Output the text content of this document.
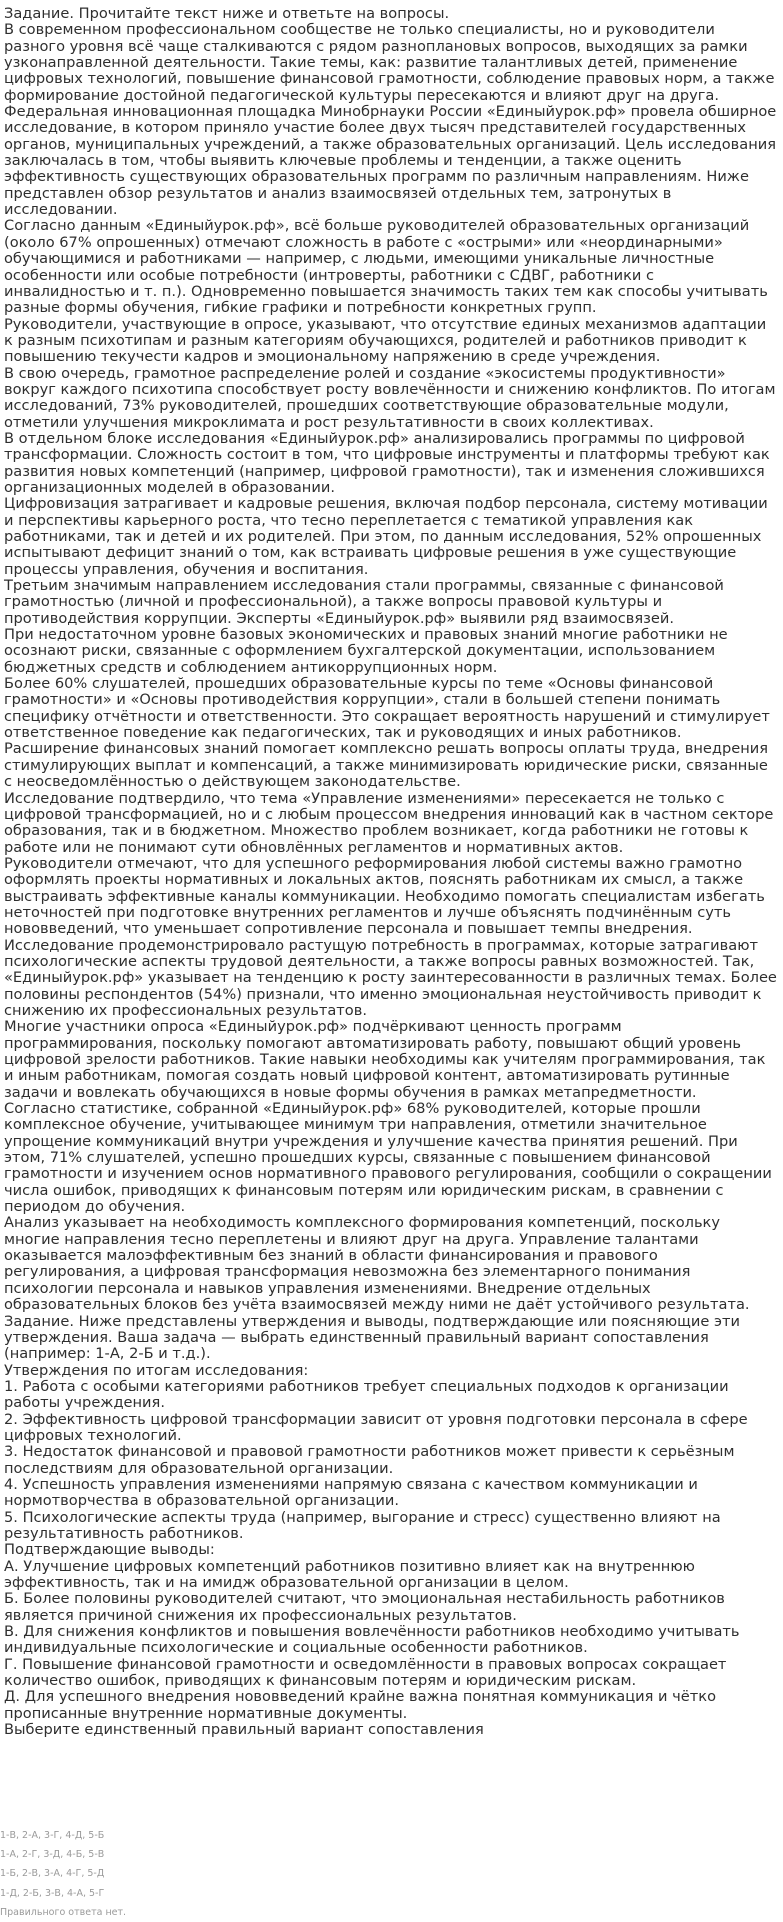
Задание. Прочитайте текст ниже и ответьте на вопросы.

В современном профессиональном сообществе не только специалисты, но и руководители разного уровня всё чаще сталкиваются с рядом разноплановых вопросов, выходящих за рамки узконаправленной деятельности. Такие темы, как: развитие талантливых детей, применение цифровых технологий, повышение финансовой грамотности, соблюдение правовых норм, а также формирование достойной педагогической культуры пересекаются и влияют друг на друга. Федеральная инновационная площадка Минобрнауки России «Единыйурок.рф» провела обширное исследование, в котором приняло участие более двух тысяч представителей государственных органов, муниципальных учреждений, а также образовательных организаций. Цель исследования заключалась в том, чтобы выявить ключевые проблемы и тенденции, а также оценить эффективность существующих образовательных программ по различным направлениям. Ниже представлен обзор результатов и анализ взаимосвязей отдельных тем, затронутых в исследовании.

Согласно данным «Единыйурок.рф», всё больше руководителей образовательных организаций (около 67% опрошенных) отмечают сложность в работе с «острыми» или «неординарными» обучающимися и работниками — например, с людьми, имеющими уникальные личностные особенности или особые потребности (интроверты, работники с СДВГ, работники с инвалидностью и т. п.). Одновременно повышается значимость таких тем как способы учитывать разные формы обучения, гибкие графики и потребности конкретных групп.

Руководители, участвующие в опросе, указывают, что отсутствие единых механизмов адаптации к разным психотипам и разным категориям обучающихся, родителей и работников приводит к повышению текучести кадров и эмоциональному напряжению в среде учреждения.

В свою очередь, грамотное распределение ролей и создание «экосистемы продуктивности» вокруг каждого психотипа способствует росту вовлечённости и снижению конфликтов. По итогам исследований, 73% руководителей, прошедших соответствующие образовательные модули, отметили улучшения микроклимата и рост результативности в своих коллективах.

В отдельном блоке исследования «Единыйурок.рф» анализировались программы по цифровой трансформации. Сложность состоит в том, что цифровые инструменты и платформы требуют как развития новых компетенций (например, цифровой грамотности), так и изменения сложившихся организационных моделей в образовании.

Цифровизация затрагивает и кадровые решения, включая подбор персонала, систему мотивации и перспективы карьерного роста, что тесно переплетается с тематикой управления как работниками, так и детей и их родителей. При этом, по данным исследования, 52% опрошенных испытывают дефицит знаний о том, как встраивать цифровые решения в уже существующие процессы управления, обучения и воспитания.

Третьим значимым направлением исследования стали программы, связанные с финансовой грамотностью (личной и профессиональной), а также вопросы правовой культуры и противодействия коррупции. Эксперты «Единыйурок.рф» выявили ряд взаимосвязей.

При недостаточном уровне базовых экономических и правовых знаний многие работники не осознают риски, связанные с оформлением бухгалтерской документации, использованием бюджетных средств и соблюдением антикоррупционных норм.

Более 60% слушателей, прошедших образовательные курсы по теме «Основы финансовой грамотности» и «Основы противодействия коррупции», стали в большей степени понимать специфику отчётности и ответственности. Это сокращает вероятность нарушений и стимулирует ответственное поведение как педагогических, так и руководящих и иных работников.

Расширение финансовых знаний помогает комплексно решать вопросы оплаты труда, внедрения стимулирующих выплат и компенсаций, а также минимизировать юридические риски, связанные с неосведомлённостью о действующем законодательстве.

Исследование подтвердило, что тема «Управление изменениями» пересекается не только с цифровой трансформацией, но и с любым процессом внедрения инноваций как в частном секторе образования, так и в бюджетном. Множество проблем возникает, когда работники не готовы к работе или не понимают сути обновлённых регламентов и нормативных актов.

Руководители отмечают, что для успешного реформирования любой системы важно грамотно оформлять проекты нормативных и локальных актов, пояснять работникам их смысл, а также выстраивать эффективные каналы коммуникации. Необходимо помогать специалистам избегать неточностей при подготовке внутренних регламентов и лучше объяснять подчинённым суть нововведений, что уменьшает сопротивление персонала и повышает темпы внедрения.

Исследование продемонстрировало растущую потребность в программах, которые затрагивают психологические аспекты трудовой деятельности, а также вопросы равных возможностей. Так, «Единыйурок.рф» указывает на тенденцию к росту заинтересованности в различных темах. Более половины респондентов (54%) признали, что именно эмоциональная неустойчивость приводит к снижению их профессиональных результатов.

Многие участники опроса «Единыйурок.рф» подчёркивают ценность программ программирования, поскольку помогают автоматизировать работу, повышают общий уровень цифровой зрелости работников. Такие навыки необходимы как учителям программирования, так и иным работникам, помогая создать новый цифровой контент, автоматизировать рутинные задачи и вовлекать обучающихся в новые формы обучения в рамках метапредметности.

Согласно статистике, собранной «Единыйурок.рф» 68% руководителей, которые прошли комплексное обучение, учитывающее минимум три направления, отметили значительное упрощение коммуникаций внутри учреждения и улучшение качества принятия решений. При этом, 71% слушателей, успешно прошедших курсы, связанные с повышением финансовой грамотности и изучением основ нормативного правового регулирования, сообщили о сокращении числа ошибок, приводящих к финансовым потерям или юридическим рискам, в сравнении с периодом до обучения.

Анализ указывает на необходимость комплексного формирования компетенций, поскольку многие направления тесно переплетены и влияют друг на друга. Управление талантами оказывается малоэффективным без знаний в области финансирования и правового регулирования, а цифровая трансформация невозможна без элементарного понимания психологии персонала и навыков управления изменениями. Внедрение отдельных образовательных блоков без учёта взаимосвязей между ними не даёт устойчивого результата.

Задание. Ниже представлены утверждения и выводы, подтверждающие или поясняющие эти утверждения. Ваша задача — выбрать единственный правильный вариант сопоставления (например: 1-А, 2-Б и т.д.).

Утверждения по итогам исследования:

1. Работа с особыми категориями работников требует специальных подходов к организации работы учреждения.

2. Эффективность цифровой трансформации зависит от уровня подготовки персонала в сфере цифровых технологий.

3. Недостаток финансовой и правовой грамотности работников может привести к серьёзным последствиям для образовательной организации.

4. Успешность управления изменениями напрямую связана с качеством коммуникации и нормотворчества в образовательной организации.

5. Психологические аспекты труда (например, выгорание и стресс) существенно влияют на результативность работников.

Подтверждающие выводы:

А. Улучшение цифровых компетенций работников позитивно влияет как на внутреннюю эффективность, так и на имидж образовательной организации в целом.

Б. Более половины руководителей считают, что эмоциональная нестабильность работников является причиной снижения их профессиональных результатов.

В. Для снижения конфликтов и повышения вовлечённости работников необходимо учитывать индивидуальные психологические и социальные особенности работников.

Г. Повышение финансовой грамотности и осведомлённости в правовых вопросах сокращает количество ошибок, приводящих к финансовым потерям и юридическим рискам.

Д. Для успешного внедрения нововведений крайне важна понятная коммуникация и чётко прописанные внутренние нормативные документы.

Выберите единственный правильный вариант сопоставления

1-В, 2-А, 3-Г, 4-Д, 5-Б
1-А, 2-Г, 3-Д, 4-Б, 5-В
1-Б, 2-В, 3-А, 4-Г, 5-Д
1-Д, 2-Б, 3-В, 4-А, 5-Г
Правильного ответа нет.
